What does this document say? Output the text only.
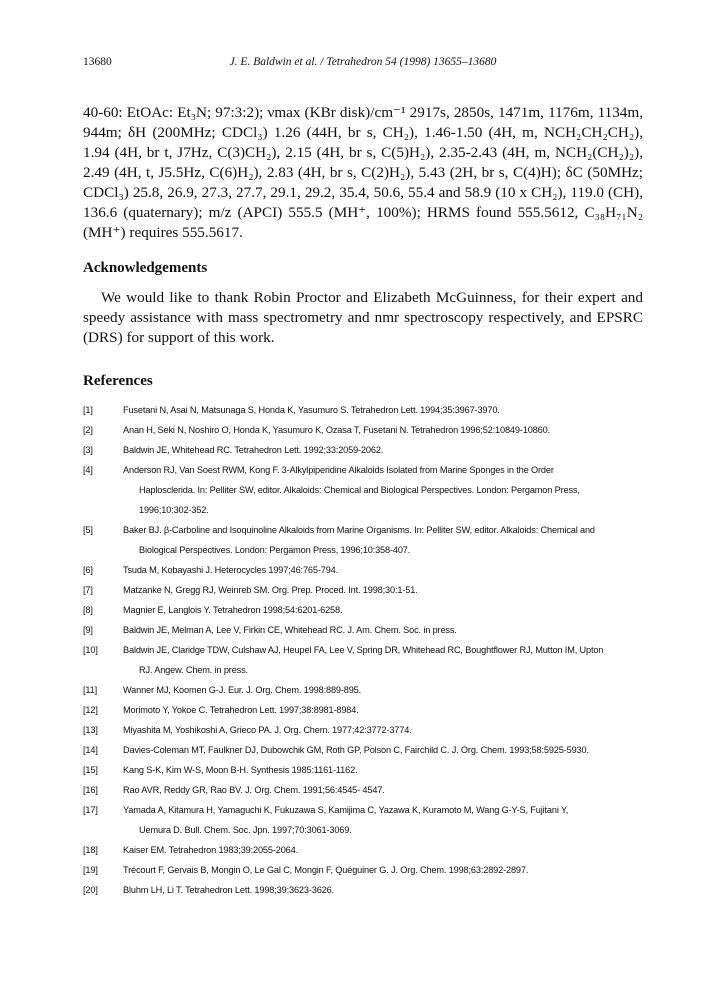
13680	J. E. Baldwin et al. / Tetrahedron 54 (1998) 13655–13680
40-60: EtOAc: Et₃N; 97:3:2); νmax (KBr disk)/cm⁻¹ 2917s, 2850s, 1471m, 1176m, 1134m, 944m; δH (200MHz; CDCl₃) 1.26 (44H, br s, CH₂), 1.46-1.50 (4H, m, NCH₂CH₂CH₂), 1.94 (4H, br t, J7Hz, C(3)CH₂), 2.15 (4H, br s, C(5)H₂), 2.35-2.43 (4H, m, NCH₂(CH₂)₂), 2.49 (4H, t, J5.5Hz, C(6)H₂), 2.83 (4H, br s, C(2)H₂), 5.43 (2H, br s, C(4)H); δC (50MHz; CDCl₃) 25.8, 26.9, 27.3, 27.7, 29.1, 29.2, 35.4, 50.6, 55.4 and 58.9 (10 x CH₂), 119.0 (CH), 136.6 (quaternary); m/z (APCI) 555.5 (MH⁺, 100%); HRMS found 555.5612, C₃₈H₇₁N₂ (MH⁺) requires 555.5617.
Acknowledgements
We would like to thank Robin Proctor and Elizabeth McGuinness, for their expert and speedy assistance with mass spectrometry and nmr spectroscopy respectively, and EPSRC (DRS) for support of this work.
References
[1]	Fusetani N, Asai N, Matsunaga S, Honda K, Yasumuro S. Tetrahedron Lett. 1994;35:3967-3970.
[2]	Anan H, Seki N, Noshiro O, Honda K, Yasumuro K, Ozasa T, Fusetani N. Tetrahedron 1996;52:10849-10860.
[3]	Baldwin JE, Whitehead RC. Tetrahedron Lett. 1992;33:2059-2062.
[4]	Anderson RJ, Van Soest RWM, Kong F. 3-Alkylpiperidine Alkaloids Isolated from Marine Sponges in the Order
Haplosclerida. In: Pelliter SW, editor. Alkaloids: Chemical and Biological Perspectives. London: Pergamon Press,
1996;10:302-352.
[5]	Baker BJ. β-Carboline and Isoquinoline Alkaloids from Marine Organisms. In: Pelliter SW, editor. Alkaloids: Chemical and
Biological Perspectives. London: Pergamon Press, 1996;10:358-407.
[6]	Tsuda M, Kobayashi J. Heterocycles 1997;46:765-794.
[7]	Matzanke N, Gregg RJ, Weinreb SM. Org. Prep. Proced. Int. 1998;30:1-51.
[8]	Magnier E, Langlois Y. Tetrahedron 1998;54:6201-6258.
[9]	Baldwin JE, Melman A, Lee V, Firkin CE, Whitehead RC. J. Am. Chem. Soc. in press.
[10]	Baldwin JE, Claridge TDW, Culshaw AJ, Heupel FA, Lee V, Spring DR, Whitehead RC, Boughtflower RJ, Mutton IM, Upton
RJ. Angew. Chem. in press.
[11]	Wanner MJ, Koomen G-J. Eur. J. Org. Chem. 1998:889-895.
[12]	Morimoto Y, Yokoe C. Tetrahedron Lett. 1997;38:8981-8984.
[13]	Miyashita M, Yoshikoshi A, Grieco PA. J. Org. Chem. 1977;42:3772-3774.
[14]	Davies-Coleman MT, Faulkner DJ, Dubowchik GM, Roth GP, Polson C, Fairchild C. J. Org. Chem. 1993;58:5925-5930.
[15]	Kang S-K, Kim W-S, Moon B-H. Synthesis 1985:1161-1162.
[16]	Rao AVR, Reddy GR, Rao BV. J. Org. Chem. 1991;56:4545- 4547.
[17]	Yamada A, Kitamura H, Yamaguchi K, Fukuzawa S, Kamijima C, Yazawa K, Kuramoto M, Wang G-Y-S, Fujitani Y,
Uemura D. Bull. Chem. Soc. Jpn. 1997;70:3061-3069.
[18]	Kaiser EM. Tetrahedron 1983;39:2055-2064.
[19]	Trécourt F, Gervais B, Mongin O, Le Gal C, Mongin F, Quéguiner G. J. Org. Chem. 1998;63:2892-2897.
[20]	Bluhm LH, Li T. Tetrahedron Lett. 1998;39:3623-3626.
